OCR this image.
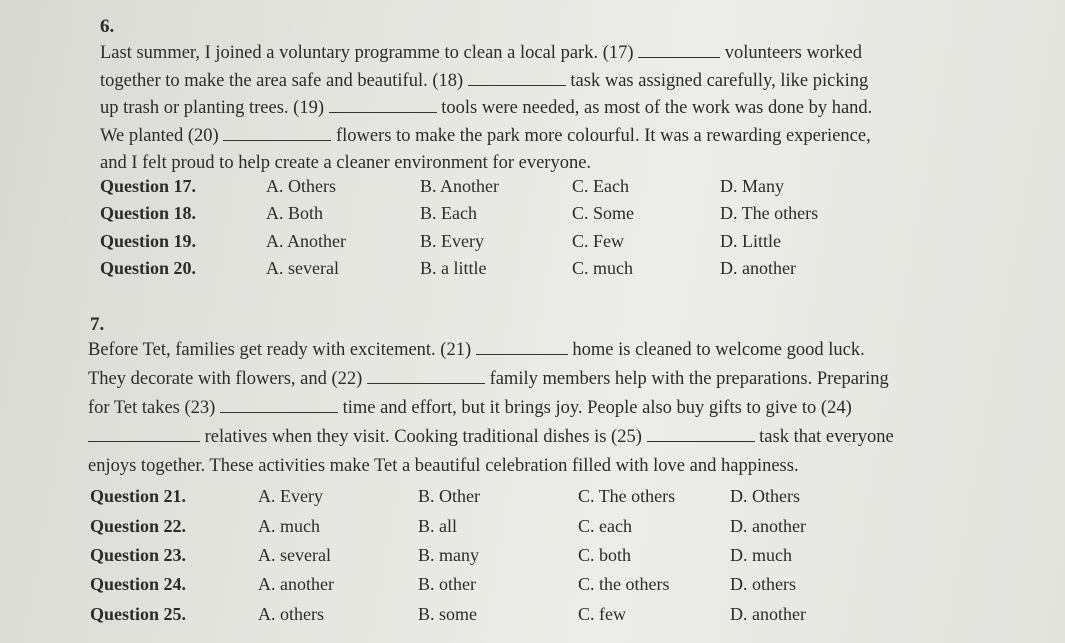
6.
Last summer, I joined a voluntary programme to clean a local park. (17)	volunteers worked
together to make the area safe and beautiful. (18)	task was assigned carefully, like picking
up trash or planting trees. (19)	tools were needed, as most of the work was done by hand.
We planted (20)	flowers to make the park more colourful. It was a rewarding experience,
and I felt proud to help create a cleaner environment for everyone.
Question 17.	A. Others	B. Another	C. Each	D. Many
Question 18.	A. Both	B. Each	C. Some	D. The others
Question 19.	A. Another	B. Every	C. Few	D. Little
Question 20.	A. several	B. a little	C. much	D. another
7.
Before Tet, families get ready with excitement. (21)	home is cleaned to welcome good luck.
They decorate with flowers, and (22)	family members help with the preparations. Preparing
for Tet takes (23)	time and effort, but it brings joy. People also buy gifts to give to (24)
relatives when they visit. Cooking traditional dishes is (25)	task that everyone
enjoys together. These activities make Tet a beautiful celebration filled with love and happiness.
Question 21.	A. Every	B. Other	C. The others	D. Others
Question 22.	A. much	B. all	C. each	D. another
Question 23.	A. several	B. many	C. both	D. much
Question 24.	A. another	B. other	C. the others	D. others
Question 25.	A. others	B. some	C. few	D. another
